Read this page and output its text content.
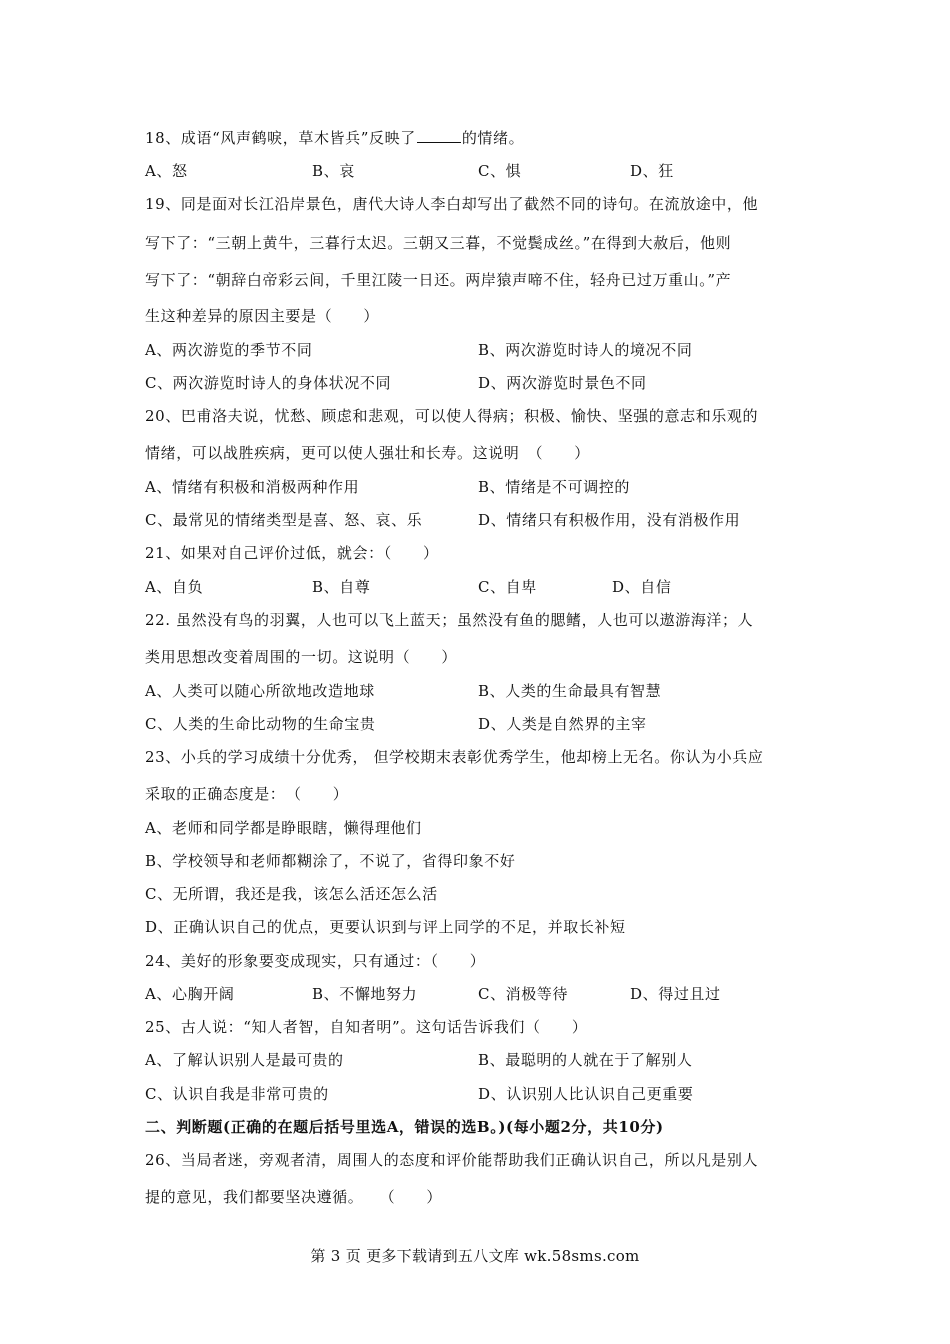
18、成语“风声鹤唳，草木皆兵”反映了	的情绪。
A、怒	B、哀	C、惧	D、狂
19、同是面对长江沿岸景色，唐代大诗人李白却写出了截然不同的诗句。在流放途中，他
写下了：“三朝上黄牛，三暮行太迟。三朝又三暮，不觉鬓成丝。”在得到大赦后，他则
写下了：“朝辞白帝彩云间，千里江陵一日还。两岸猿声啼不住，轻舟已过万重山。”产
生这种差异的原因主要是（　　）
A、两次游览的季节不同	B、两次游览时诗人的境况不同
C、两次游览时诗人的身体状况不同	D、两次游览时景色不同
20、巴甫洛夫说，忧愁、顾虑和悲观，可以使人得病；积极、愉快、坚强的意志和乐观的
情绪，可以战胜疾病，更可以使人强壮和长寿。这说明　（　　）
A、情绪有积极和消极两种作用	B、情绪是不可调控的
C、最常见的情绪类型是喜、怒、哀、乐	D、情绪只有积极作用，没有消极作用
21、如果对自己评价过低，就会：（　　）
A、自负	B、自尊	C、自卑	D、自信
22. 虽然没有鸟的羽翼，人也可以飞上蓝天；虽然没有鱼的腮鳍，人也可以遨游海洋；人
类用思想改变着周围的一切。这说明（　　）
A、人类可以随心所欲地改造地球	B、人类的生命最具有智慧
C、人类的生命比动物的生命宝贵	D、人类是自然界的主宰
23、小兵的学习成绩十分优秀， 但学校期末表彰优秀学生，他却榜上无名。你认为小兵应
采取的正确态度是：　（　　）
A、老师和同学都是睁眼瞎，懒得理他们
B、学校领导和老师都糊涂了，不说了，省得印象不好
C、无所谓，我还是我，该怎么活还怎么活
D、正确认识自己的优点，更要认识到与评上同学的不足，并取长补短
24、美好的形象要变成现实，只有通过：（　　）
A、心胸开阔	B、不懈地努力	C、消极等待	D、得过且过
25、古人说：“知人者智，自知者明”。这句话告诉我们（　　）
A、了解认识别人是最可贵的	B、最聪明的人就在于了解别人
C、认识自我是非常可贵的	D、认识别人比认识自己更重要
二、判断题(正确的在题后括号里选A，错误的选B。)(每小题2分，共10分)
26、当局者迷，旁观者清，周围人的态度和评价能帮助我们正确认识自己，所以凡是别人
提的意见，我们都要坚决遵循。　　（　　）
第 3 页 更多下载请到五八文库 wk.58sms.com
